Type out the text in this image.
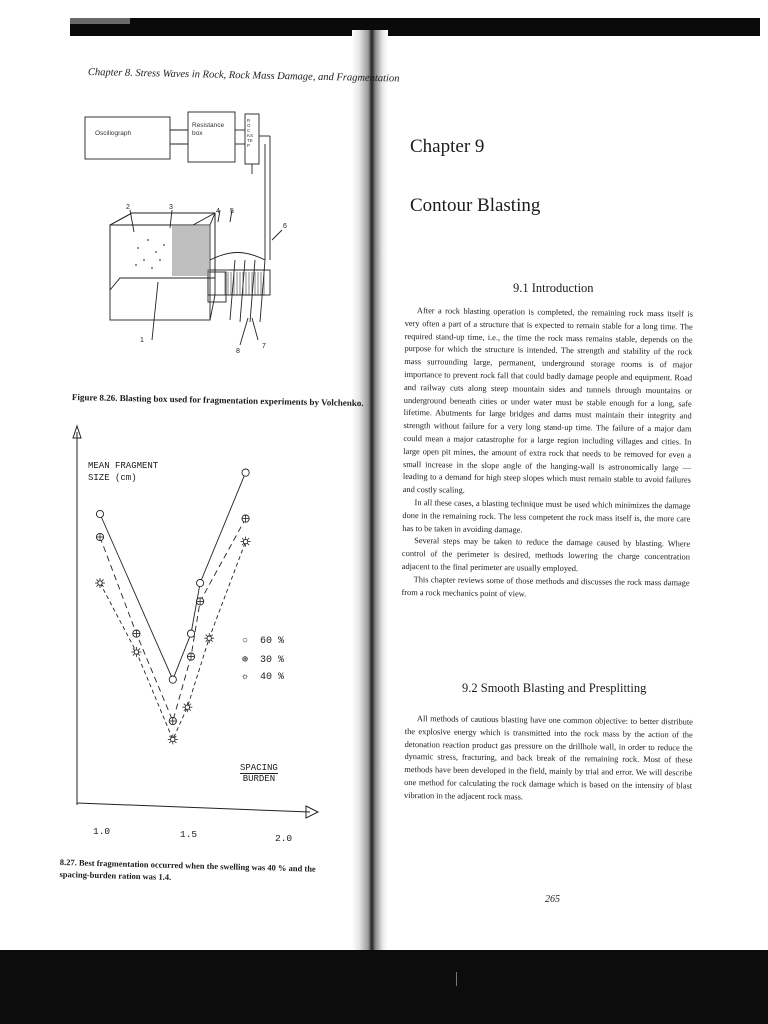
Chapter 8. Stress Waves in Rock, Rock Mass Damage, and Fragmentation
Oscillograph
Resistance box
ROCKSTEP
2	3
4 5
6
1
7
8
Figure 8.26. Blasting box used for fragmentation experiments by Volchenko.
MEAN FRAGMENT SIZE (cm)
1.0	1.5	2.0
○ 60 %
⊕ 30 %
☼ 40 %
SPACING
BURDEN
8.27. Best fragmentation occurred when the swelling was 40 % and the spacing-burden ration was 1.4.
Chapter 9
Contour Blasting
9.1 Introduction

After a rock blasting operation is completed, the remaining rock mass itself is very often a part of a structure that is expected to remain stable for a long time. The required stand-up time, i.e., the time the rock mass remains stable, depends on the purpose for which the structure is intended. The strength and stability of the rock mass surrounding large, permanent, underground storage rooms is of major importance to prevent rock fall that could badly damage people and equipment. Road and railway cuts along steep mountain sides and tunnels through mountains or underground beneath cities or under water must be stable enough for a long, safe lifetime. Abutments for large bridges and dams must maintain their integrity and strength without failure for a very long stand-up time. The failure of a major dam could mean a major catastrophe for a large region including villages and cities. In large open pit mines, the amount of extra rock that needs to be removed for even a small increase in the slope angle of the hanging-wall is astronomically large — leading to a demand for high steep slopes which must remain stable to avoid failures and costly scaling.

In all these cases, a blasting technique must be used which minimizes the damage done in the remaining rock. The less competent the rock mass itself is, the more care has to be taken in avoiding damage.

Several steps may be taken to reduce the damage caused by blasting. Where control of the perimeter is desired, methods lowering the charge concentration adjacent to the final perimeter are usually employed.

This chapter reviews some of those methods and discusses the rock mass damage from a rock mechanics point of view.

9.2 Smooth Blasting and Presplitting

All methods of cautious blasting have one common objective: to better distribute the explosive energy which is transmitted into the rock mass by the action of the detonation reaction product gas pressure on the drillhole wall, in order to reduce the dynamic stress, fracturing, and back break of the remaining rock. Most of these methods have been developed in the field, mainly by trial and error. We will describe one method for calculating the rock damage which is based on the intensity of blast vibration in the adjacent rock mass.

265
